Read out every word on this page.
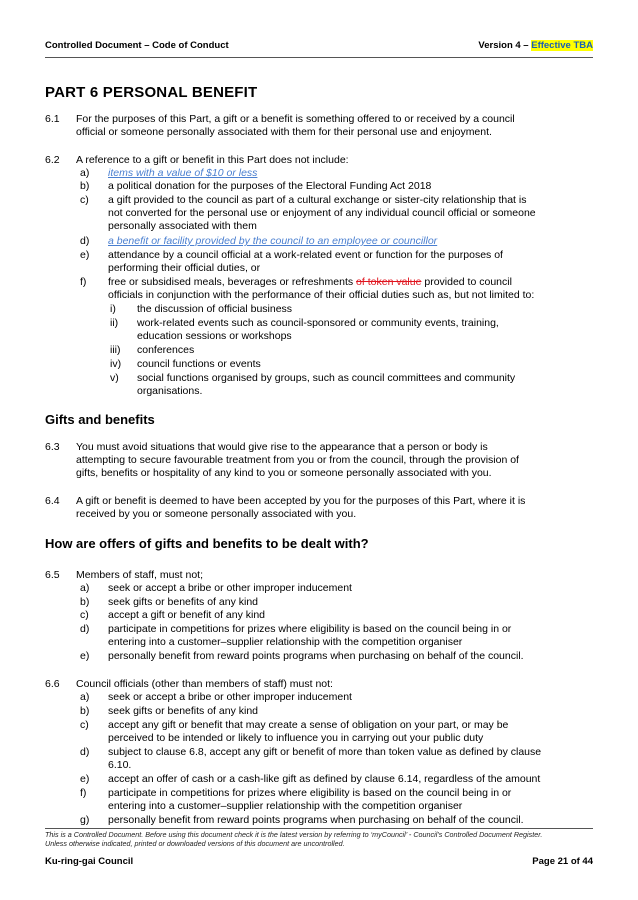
Controlled Document – Code of Conduct	Version 4 – Effective TBA
PART 6 PERSONAL BENEFIT
6.1 For the purposes of this Part, a gift or a benefit is something offered to or received by a council
official or someone personally associated with them for their personal use and enjoyment.
6.2 A reference to a gift or benefit in this Part does not include:
a) items with a value of $10 or less
b) a political donation for the purposes of the Electoral Funding Act 2018
c) a gift provided to the council as part of a cultural exchange or sister-city relationship that is
not converted for the personal use or enjoyment of any individual council official or someone
personally associated with them
d) a benefit or facility provided by the council to an employee or councillor
e) attendance by a council official at a work-related event or function for the purposes of
performing their official duties, or
f) free or subsidised meals, beverages or refreshments of token value provided to council
officials in conjunction with the performance of their official duties such as, but not limited to:
i) the discussion of official business
ii) work-related events such as council-sponsored or community events, training,
education sessions or workshops
iii) conferences
iv) council functions or events
v) social functions organised by groups, such as council committees and community
organisations.
Gifts and benefits
6.3 You must avoid situations that would give rise to the appearance that a person or body is
attempting to secure favourable treatment from you or from the council, through the provision of
gifts, benefits or hospitality of any kind to you or someone personally associated with you.
6.4 A gift or benefit is deemed to have been accepted by you for the purposes of this Part, where it is
received by you or someone personally associated with you.
How are offers of gifts and benefits to be dealt with?
6.5 Members of staff, must not;
a) seek or accept a bribe or other improper inducement
b) seek gifts or benefits of any kind
c) accept a gift or benefit of any kind
d) participate in competitions for prizes where eligibility is based on the council being in or
entering into a customer–supplier relationship with the competition organiser
e) personally benefit from reward points programs when purchasing on behalf of the council.
6.6 Council officials (other than members of staff) must not:
a) seek or accept a bribe or other improper inducement
b) seek gifts or benefits of any kind
c) accept any gift or benefit that may create a sense of obligation on your part, or may be
perceived to be intended or likely to influence you in carrying out your public duty
d) subject to clause 6.8, accept any gift or benefit of more than token value as defined by clause
6.10.
e) accept an offer of cash or a cash-like gift as defined by clause 6.14, regardless of the amount
f) participate in competitions for prizes where eligibility is based on the council being in or
entering into a customer–supplier relationship with the competition organiser
g) personally benefit from reward points programs when purchasing on behalf of the council.
This is a Controlled Document. Before using this document check it is the latest version by referring to ‘myCouncil’ - Council’s Controlled Document Register.
Unless otherwise indicated, printed or downloaded versions of this document are uncontrolled.
Ku-ring-gai Council	Page 21 of 44
